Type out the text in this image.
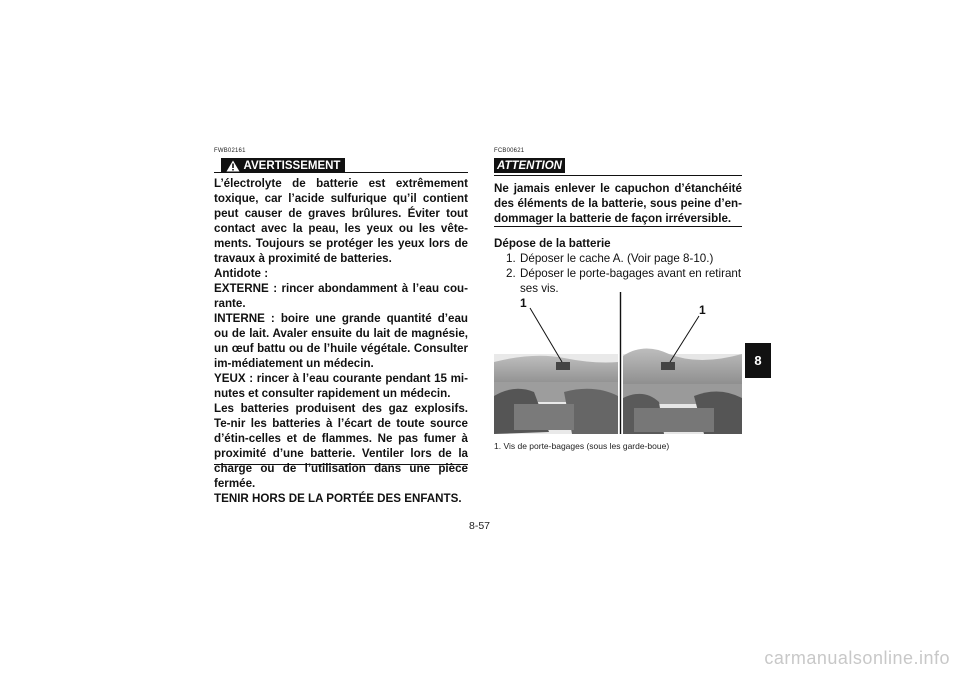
FWB02161
AVERTISSEMENT

L’électrolyte de batterie est extrêmement toxique, car l’acide sulfurique qu’il contient peut causer de graves brûlures. Éviter tout contact avec la peau, les yeux ou les vête-ments. Toujours se protéger les yeux lors de travaux à proximité de batteries.

Antidote :

EXTERNE : rincer abondamment à l’eau cou-rante.

INTERNE : boire une grande quantité d’eau ou de lait. Avaler ensuite du lait de magnésie, un œuf battu ou de l’huile végétale. Consulter im-médiatement un médecin.

YEUX : rincer à l’eau courante pendant 15 mi-nutes et consulter rapidement un médecin.

Les batteries produisent des gaz explosifs. Te-nir les batteries à l’écart de toute source d’étin-celles et de flammes. Ne pas fumer à proximité d’une batterie. Ventiler lors de la charge ou de l’utilisation dans une pièce fermée.

TENIR HORS DE LA PORTÉE DES ENFANTS.

FCB00621
ATTENTION
Ne jamais enlever le capuchon d’étanchéité des éléments de la batterie, sous peine d’en-dommager la batterie de façon irréversible.

Dépose de la batterie

1. Déposer le cache A. (Voir page 8-10.)
2. Déposer le porte-bagages avant en retirant ses vis.
1	1
1. Vis de porte-bagages (sous les garde-boue)
8-57
8
carmanualsonline.info
